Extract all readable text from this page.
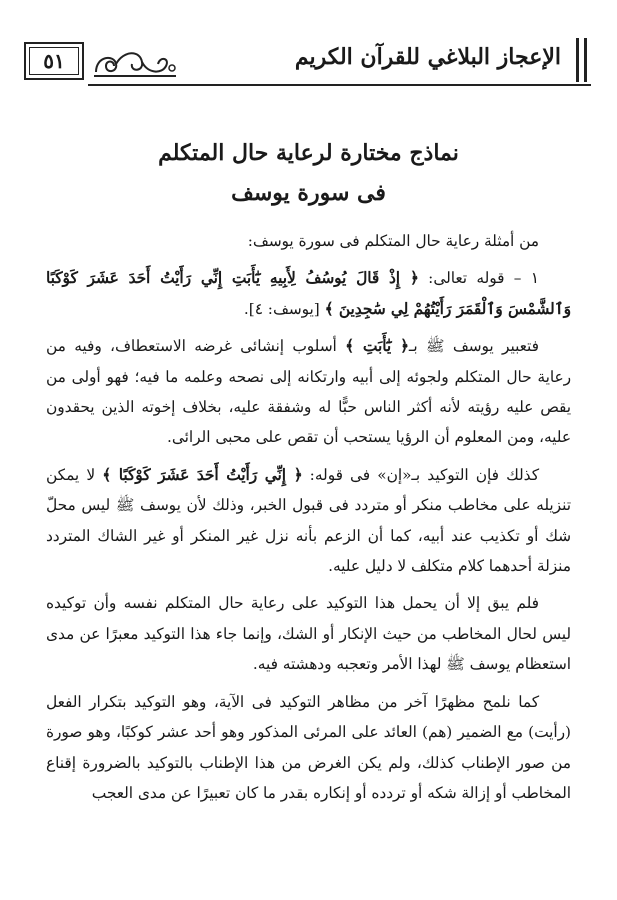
٥١	الإعجاز البلاغي للقرآن الكريم
نماذج مختارة لرعاية حال المتكلم
فى سورة يوسف

من أمثلة رعاية حال المتكلم فى سورة يوسف:

١ – قوله تعالى: ﴿ إِذْ قَالَ يُوسُفُ لِأَبِيهِ يَٰٓأَبَتِ إِنِّي رَأَيْتُ أَحَدَ عَشَرَ كَوْكَبًا وَٱلشَّمْسَ وَٱلْقَمَرَ رَأَيْتُهُمْ لِي سَٰجِدِينَ ﴾ [يوسف: ٤].

فتعبير يوسف ﷺ بـ﴿ يَٰٓأَبَتِ ﴾ أسلوب إنشائى غرضه الاستعطاف، وفيه من رعاية حال المتكلم ولجوئه إلى أبيه وارتكانه إلى نصحه وعلمه ما فيه؛ فهو أولى من يقص عليه رؤيته لأنه أكثر الناس حبًّا له وشفقة عليه، بخلاف إخوته الذين يحقدون عليه، ومن المعلوم أن الرؤيا يستحب أن تقص على محبى الرائى.

كذلك فإن التوكيد بـ«إن» فى قوله: ﴿ إِنِّي رَأَيْتُ أَحَدَ عَشَرَ كَوْكَبًا ﴾ لا يمكن تنزيله على مخاطب منكر أو متردد فى قبول الخبر، وذلك لأن يوسف ﷺ ليس محلّ شك أو تكذيب عند أبيه، كما أن الزعم بأنه نزل غير المنكر أو غير الشاك المتردد منزلة أحدهما كلام متكلف لا دليل عليه.

فلم يبق إلا أن يحمل هذا التوكيد على رعاية حال المتكلم نفسه وأن توكيده ليس لحال المخاطب من حيث الإنكار أو الشك، وإنما جاء هذا التوكيد معبرًا عن مدى استعظام يوسف ﷺ لهذا الأمر وتعجبه ودهشته فيه.

كما نلمح مظهرًا آخر من مظاهر التوكيد فى الآية، وهو التوكيد بتكرار الفعل (رأيت) مع الضمير (هم) العائد على المرئى المذكور وهو أحد عشر كوكبًا، وهو صورة من صور الإطناب كذلك، ولم يكن الغرض من هذا الإطناب بالتوكيد بالضرورة إقناع المخاطب أو إزالة شكه أو تردده أو إنكاره بقدر ما كان تعبيرًا عن مدى العجب
